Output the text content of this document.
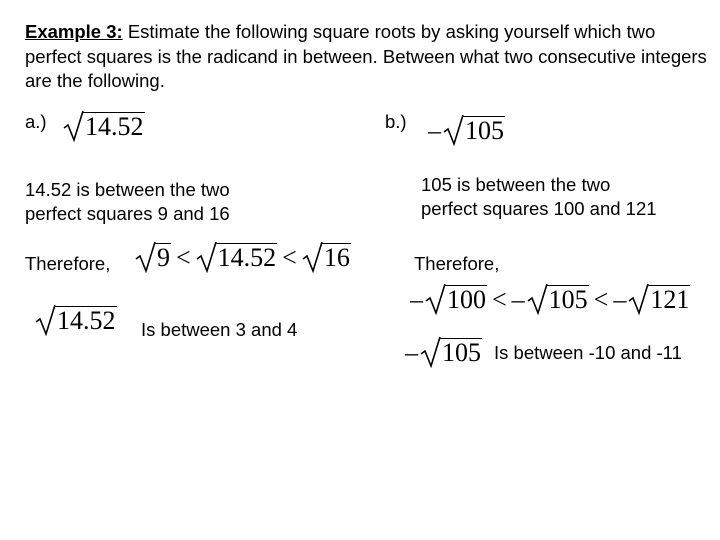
Example 3: Estimate the following square roots by asking yourself which two perfect squares is the radicand in between. Between what two consecutive integers are the following.
a.)	14.52
14.52 is between the two
perfect squares 9 and 16
Therefore,	9 < 14.52 < 16
14.52 Is between 3 and 4
b.) – 105
105 is between the two
perfect squares 100 and 121
Therefore,
– 100 < – 105 < – 121
– 105 Is between -10 and -11
